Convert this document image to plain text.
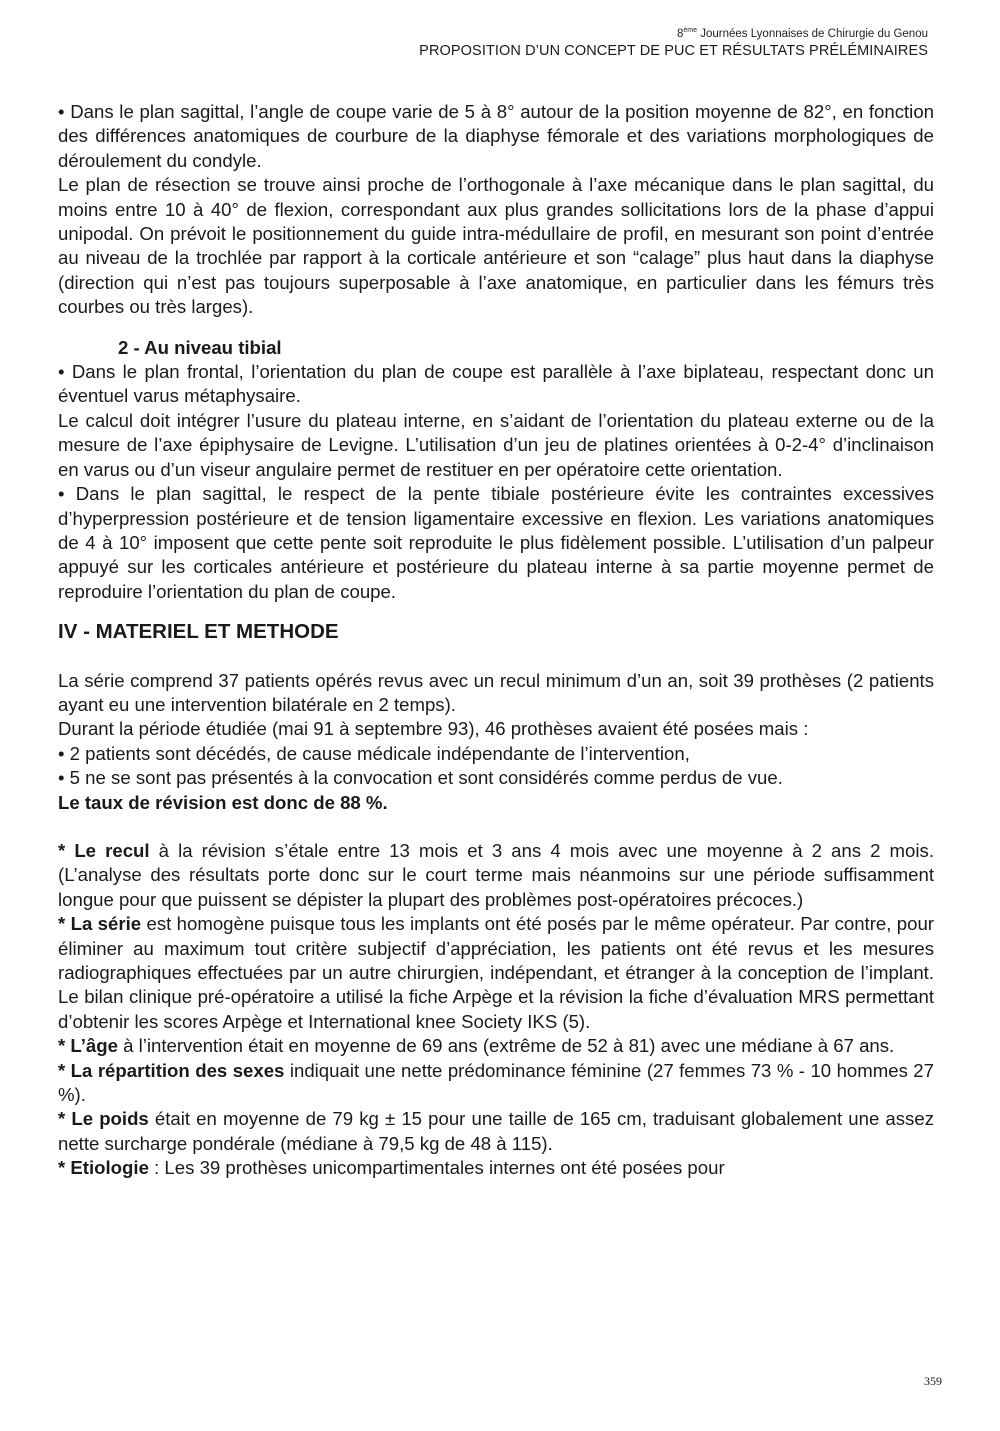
8ème Journées Lyonnaises de Chirurgie du Genou
PROPOSITION D’UN CONCEPT DE PUC ET RÉSULTATS PRÉLÉMINAIRES

• Dans le plan sagittal, l’angle de coupe varie de 5 à 8° autour de la position moyenne de 82°, en fonction des différences anatomiques de courbure de la diaphyse fémorale et des variations morphologiques de déroulement du condyle.

Le plan de résection se trouve ainsi proche de l’orthogonale à l’axe mécanique dans le plan sagittal, du moins entre 10 à 40° de flexion, correspondant aux plus grandes sollicitations lors de la phase d’appui unipodal. On prévoit le positionnement du guide intra-médullaire de profil, en mesurant son point d’entrée au niveau de la trochlée par rapport à la corticale antérieure et son “calage” plus haut dans la diaphyse (direction qui n’est pas toujours superposable à l’axe anatomique, en particulier dans les fémurs très courbes ou très larges).

2 - Au niveau tibial

• Dans le plan frontal, l’orientation du plan de coupe est parallèle à l’axe biplateau, respectant donc un éventuel varus métaphysaire.

Le calcul doit intégrer l’usure du plateau interne, en s’aidant de l’orientation du plateau externe ou de la mesure de l’axe épiphysaire de Levigne. L’utilisation d’un jeu de platines orientées à 0-2-4° d’inclinaison en varus ou d’un viseur angulaire permet de restituer en per opératoire cette orientation.

• Dans le plan sagittal, le respect de la pente tibiale postérieure évite les contraintes excessives d’hyperpression postérieure et de tension ligamentaire excessive en flexion. Les variations anatomiques de 4 à 10° imposent que cette pente soit reproduite le plus fidèlement possible. L’utilisation d’un palpeur appuyé sur les corticales antérieure et postérieure du plateau interne à sa partie moyenne permet de reproduire l’orientation du plan de coupe.

IV - MATERIEL ET METHODE

La série comprend 37 patients opérés revus avec un recul minimum d’un an, soit 39 prothèses (2 patients ayant eu une intervention bilatérale en 2 temps).

Durant la période étudiée (mai 91 à septembre 93), 46 prothèses avaient été posées mais :

• 2 patients sont décédés, de cause médicale indépendante de l’intervention,

• 5 ne se sont pas présentés à la convocation et sont considérés comme perdus de vue.

Le taux de révision est donc de 88 %.

* Le recul à la révision s’étale entre 13 mois et 3 ans 4 mois avec une moyenne à 2 ans 2 mois. (L’analyse des résultats porte donc sur le court terme mais néanmoins sur une période suffisamment longue pour que puissent se dépister la plupart des problèmes post-opératoires précoces.)

* La série est homogène puisque tous les implants ont été posés par le même opérateur. Par contre, pour éliminer au maximum tout critère subjectif d’appréciation, les patients ont été revus et les mesures radiographiques effectuées par un autre chirurgien, indépendant, et étranger à la conception de l’implant. Le bilan clinique pré-opératoire a utilisé la fiche Arpège et la révision la fiche d’évaluation MRS permettant d’obtenir les scores Arpège et International knee Society IKS (5).

* L’âge à l’intervention était en moyenne de 69 ans (extrême de 52 à 81) avec une médiane à 67 ans.

* La répartition des sexes indiquait une nette prédominance féminine (27 femmes 73 % - 10 hommes 27 %).

* Le poids était en moyenne de 79 kg ± 15 pour une taille de 165 cm, traduisant globalement une assez nette surcharge pondérale (médiane à 79,5 kg de 48 à 115).

* Etiologie : Les 39 prothèses unicompartimentales internes ont été posées pour

359
